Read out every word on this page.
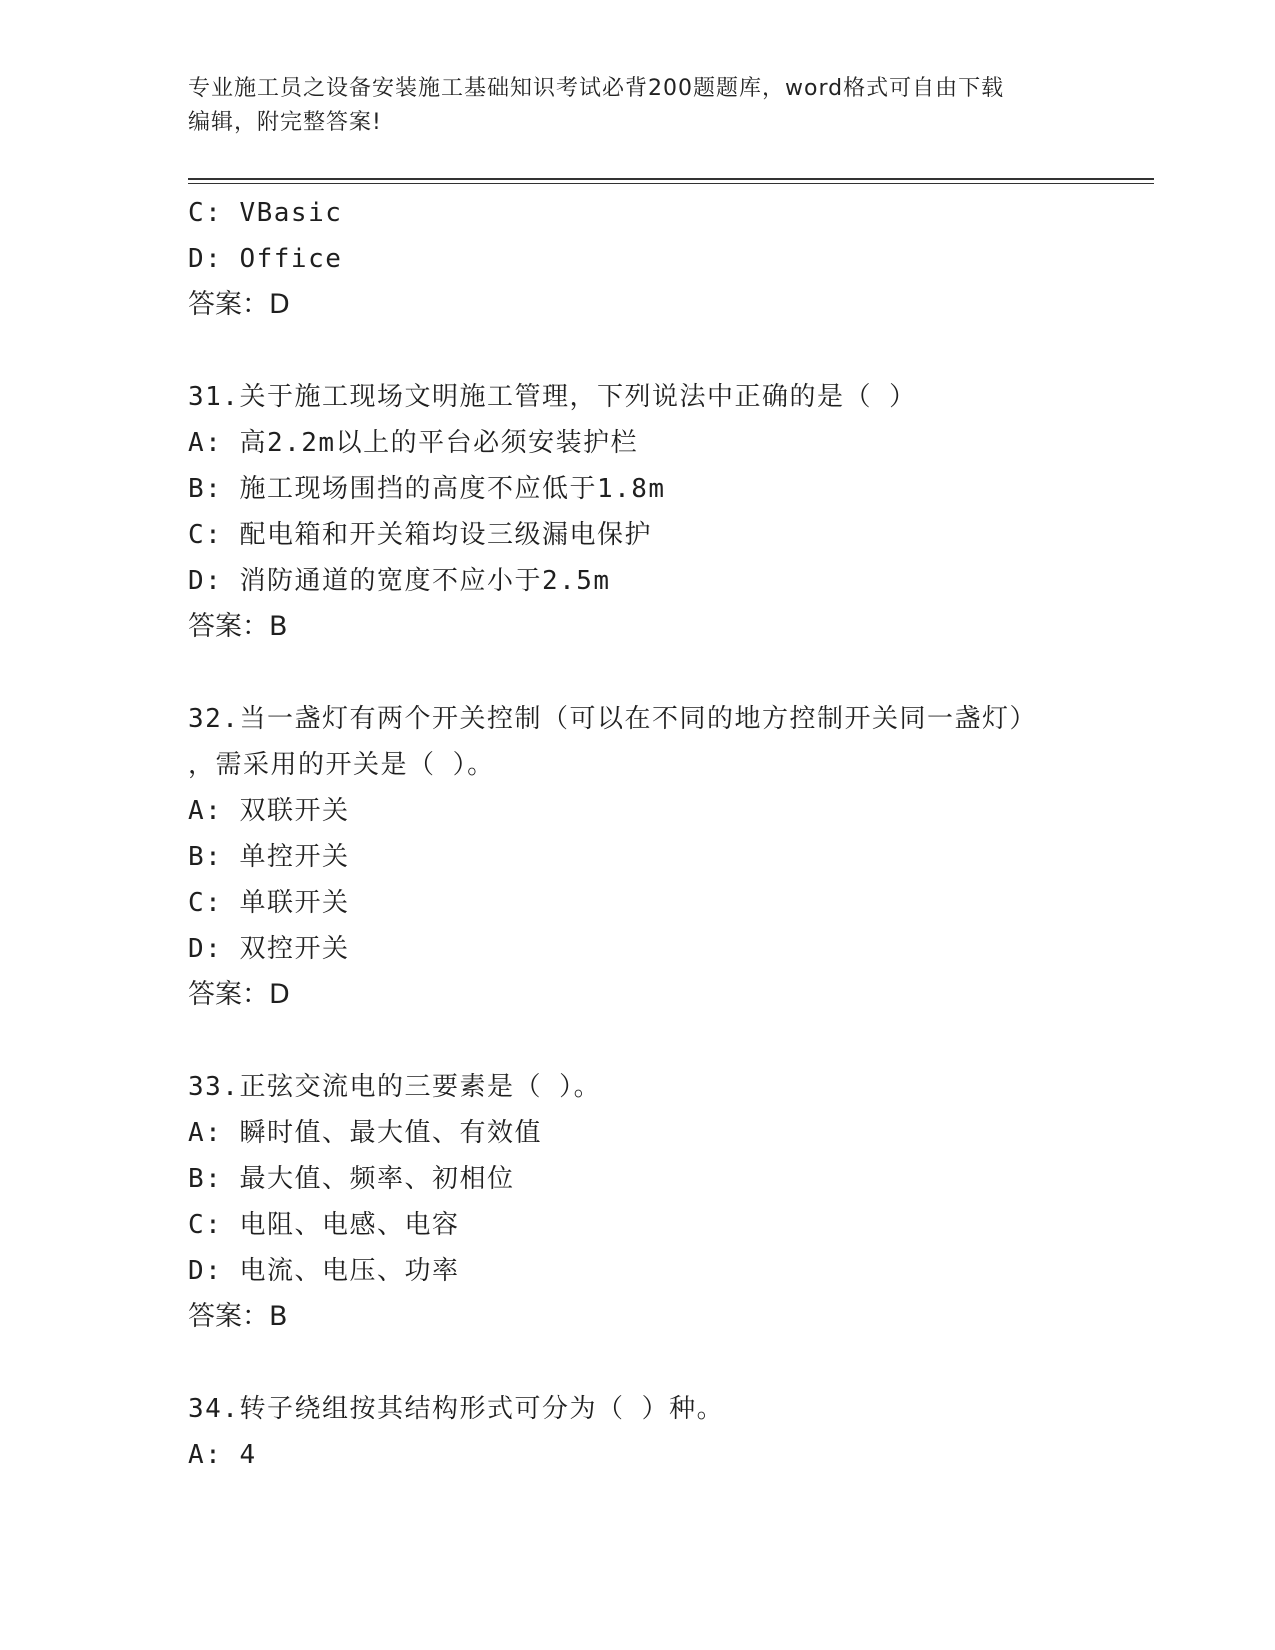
专业施工员之设备安装施工基础知识考试必背200题题库，word格式可自由下载
编辑，附完整答案!
C: VBasic
D: Office
答案：D
31.关于施工现场文明施工管理，下列说法中正确的是（ ）
A: 高2.2m以上的平台必须安装护栏
B: 施工现场围挡的高度不应低于1.8m
C: 配电箱和开关箱均设三级漏电保护
D: 消防通道的宽度不应小于2.5m
答案：B
32.当一盏灯有两个开关控制（可以在不同的地方控制开关同一盏灯）
，需采用的开关是（ ）。
A: 双联开关
B: 单控开关
C: 单联开关
D: 双控开关
答案：D
33.正弦交流电的三要素是（ ）。
A: 瞬时值、最大值、有效值
B: 最大值、频率、初相位
C: 电阻、电感、电容
D: 电流、电压、功率
答案：B
34.转子绕组按其结构形式可分为（ ）种。
A: 4
